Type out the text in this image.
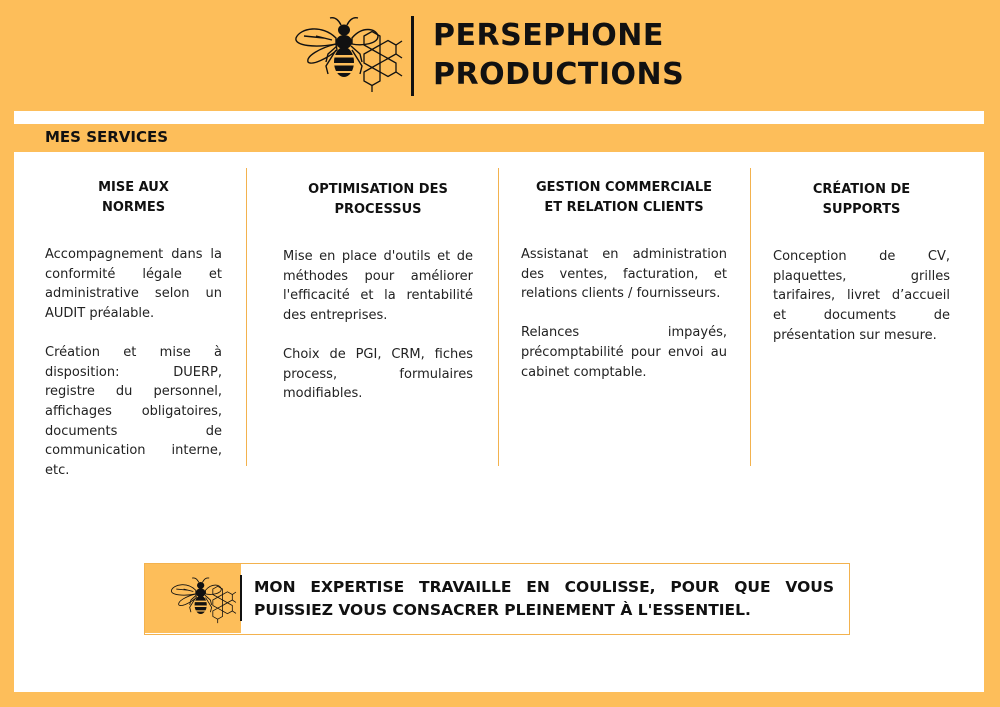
PERSEPHONE
PRODUCTIONS
MES SERVICES
MISE AUX
NORMES

Accompagnement dans la conformité légale et administrative selon un AUDIT préalable.

Création et mise à disposition: DUERP, registre du personnel, affichages obligatoires, documents de communication interne, etc.

OPTIMISATION DES
PROCESSUS

Mise en place d'outils et de méthodes pour améliorer l'efficacité et la rentabilité des entreprises.

Choix de PGI, CRM, fiches process, formulaires modifiables.

GESTION COMMERCIALE
ET RELATION CLIENTS

Assistanat en administration des ventes, facturation, et relations clients / fournisseurs.

Relances impayés, précomptabilité pour envoi au cabinet comptable.

CRÉATION DE
SUPPORTS

Conception de CV, plaquettes, grilles tarifaires, livret d’accueil et documents de présentation sur mesure.

MON EXPERTISE TRAVAILLE EN COULISSE, POUR QUE VOUS PUISSIEZ VOUS CONSACRER PLEINEMENT À L'ESSENTIEL.
